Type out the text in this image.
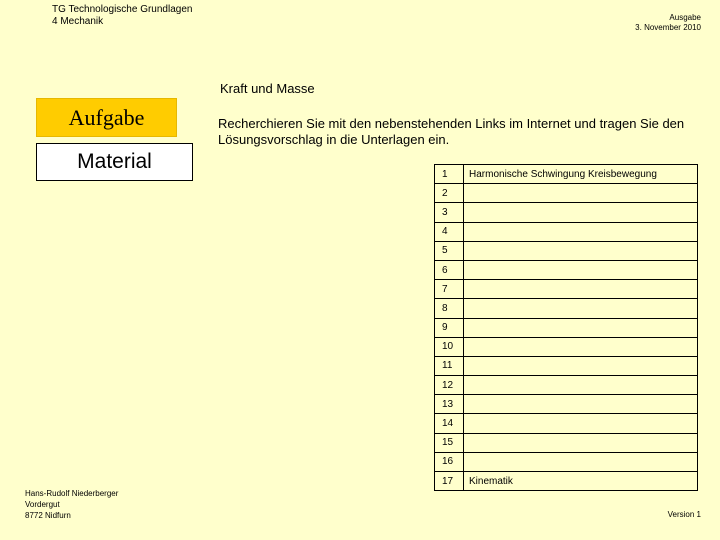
TG Technologische Grundlagen
4 Mechanik	Ausgabe
3. November 2010
Kraft und Masse
Aufgabe
Material
Recherchieren Sie mit den nebenstehenden Links im Internet und tragen Sie den Lösungsvorschlag in die Unterlagen ein.
1	Harmonische Schwingung Kreisbewegung
2	
3	
4	
5	
6	
7	
8	
9	
10	
11	
12	
13	
14	
15	
16	
17	Kinematik
Hans-Rudolf Niederberger
Vordergut
8772 Nidfurn	Version 1
